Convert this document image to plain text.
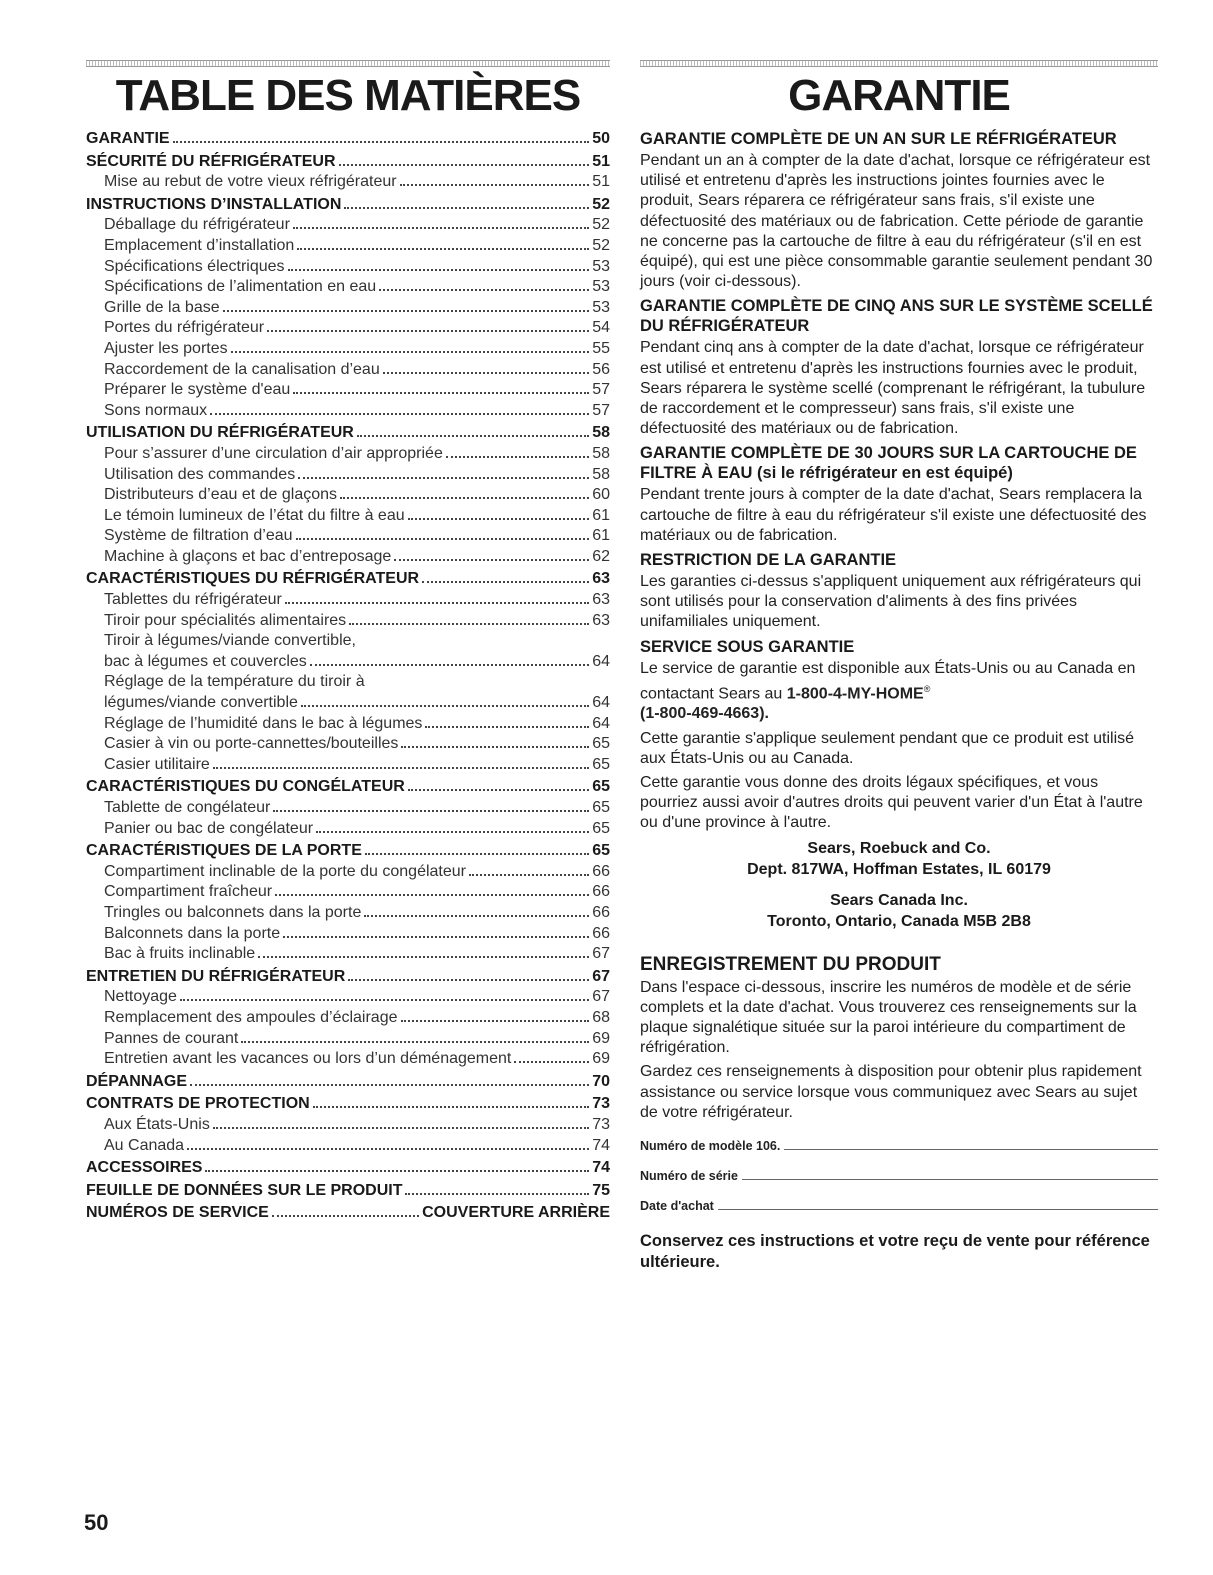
TABLE DES MATIÈRES
GARANTIE	50
SÉCURITÉ DU RÉFRIGÉRATEUR	51
Mise au rebut de votre vieux réfrigérateur	51
INSTRUCTIONS D’INSTALLATION	52
Déballage du réfrigérateur	52
Emplacement d’installation	52
Spécifications électriques	53
Spécifications de l’alimentation en eau	53
Grille de la base	53
Portes du réfrigérateur	54
Ajuster les portes	55
Raccordement de la canalisation d’eau	56
Préparer le système d'eau	57
Sons normaux	57
UTILISATION DU RÉFRIGÉRATEUR	58
Pour s’assurer d’une circulation d’air appropriée	58
Utilisation des commandes	58
Distributeurs d’eau et de glaçons	60
Le témoin lumineux de l’état du filtre à eau	61
Système de filtration d’eau	61
Machine à glaçons et bac d’entreposage	62
CARACTÉRISTIQUES DU RÉFRIGÉRATEUR	63
Tablettes du réfrigérateur	63
Tiroir pour spécialités alimentaires	63
Tiroir à légumes/viande convertible,
bac à légumes et couvercles	64
Réglage de la température du tiroir à
légumes/viande convertible	64
Réglage de l’humidité dans le bac à légumes	64
Casier à vin ou porte-cannettes/bouteilles	65
Casier utilitaire	65
CARACTÉRISTIQUES DU CONGÉLATEUR	65
Tablette de congélateur	65
Panier ou bac de congélateur	65
CARACTÉRISTIQUES DE LA PORTE	65
Compartiment inclinable de la porte du congélateur	66
Compartiment fraîcheur	66
Tringles ou balconnets dans la porte	66
Balconnets dans la porte	66
Bac à fruits inclinable	67
ENTRETIEN DU RÉFRIGÉRATEUR	67
Nettoyage	67
Remplacement des ampoules d’éclairage	68
Pannes de courant	69
Entretien avant les vacances ou lors d’un déménagement	69
DÉPANNAGE	70
CONTRATS DE PROTECTION	73
Aux États-Unis	73
Au Canada	74
ACCESSOIRES	74
FEUILLE DE DONNÉES SUR LE PRODUIT	75
NUMÉROS DE SERVICE	COUVERTURE ARRIÈRE
GARANTIE
GARANTIE COMPLÈTE DE UN AN SUR LE RÉFRIGÉRATEUR

Pendant un an à compter de la date d'achat, lorsque ce réfrigérateur est utilisé et entretenu d'après les instructions jointes fournies avec le produit, Sears réparera ce réfrigérateur sans frais, s'il existe une défectuosité des matériaux ou de fabrication. Cette période de garantie ne concerne pas la cartouche de filtre à eau du réfrigérateur (s'il en est équipé), qui est une pièce consommable garantie seulement pendant 30 jours (voir ci-dessous).

GARANTIE COMPLÈTE DE CINQ ANS SUR LE SYSTÈME SCELLÉ DU RÉFRIGÉRATEUR

Pendant cinq ans à compter de la date d'achat, lorsque ce réfrigérateur est utilisé et entretenu d'après les instructions fournies avec le produit, Sears réparera le système scellé (comprenant le réfrigérant, la tubulure de raccordement et le compresseur) sans frais, s'il existe une défectuosité des matériaux ou de fabrication.

GARANTIE COMPLÈTE DE 30 JOURS SUR LA CARTOUCHE DE FILTRE À EAU (si le réfrigérateur en est équipé)

Pendant trente jours à compter de la date d'achat, Sears remplacera la cartouche de filtre à eau du réfrigérateur s'il existe une défectuosité des matériaux ou de fabrication.

RESTRICTION DE LA GARANTIE

Les garanties ci-dessus s'appliquent uniquement aux réfrigérateurs qui sont utilisés pour la conservation d'aliments à des fins privées unifamiliales uniquement.

SERVICE SOUS GARANTIE

Le service de garantie est disponible aux États-Unis ou au Canada en contactant Sears au 1-800-4-MY-HOME®
(1-800-469-4663).

Cette garantie s'applique seulement pendant que ce produit est utilisé aux États-Unis ou au Canada.

Cette garantie vous donne des droits légaux spécifiques, et vous pourriez aussi avoir d'autres droits qui peuvent varier d'un État à l'autre ou d'une province à l'autre.

Sears, Roebuck and Co.
Dept. 817WA, Hoffman Estates, IL 60179
Sears Canada Inc.
Toronto, Ontario, Canada M5B 2B8
ENREGISTREMENT DU PRODUIT

Dans l'espace ci-dessous, inscrire les numéros de modèle et de série complets et la date d'achat. Vous trouverez ces renseignements sur la plaque signalétique située sur la paroi intérieure du compartiment de réfrigération.

Gardez ces renseignements à disposition pour obtenir plus rapidement assistance ou service lorsque vous communiquez avec Sears au sujet de votre réfrigérateur.

Numéro de modèle 106.
Numéro de série
Date d'achat
Conservez ces instructions et votre reçu de vente pour référence ultérieure.
50
